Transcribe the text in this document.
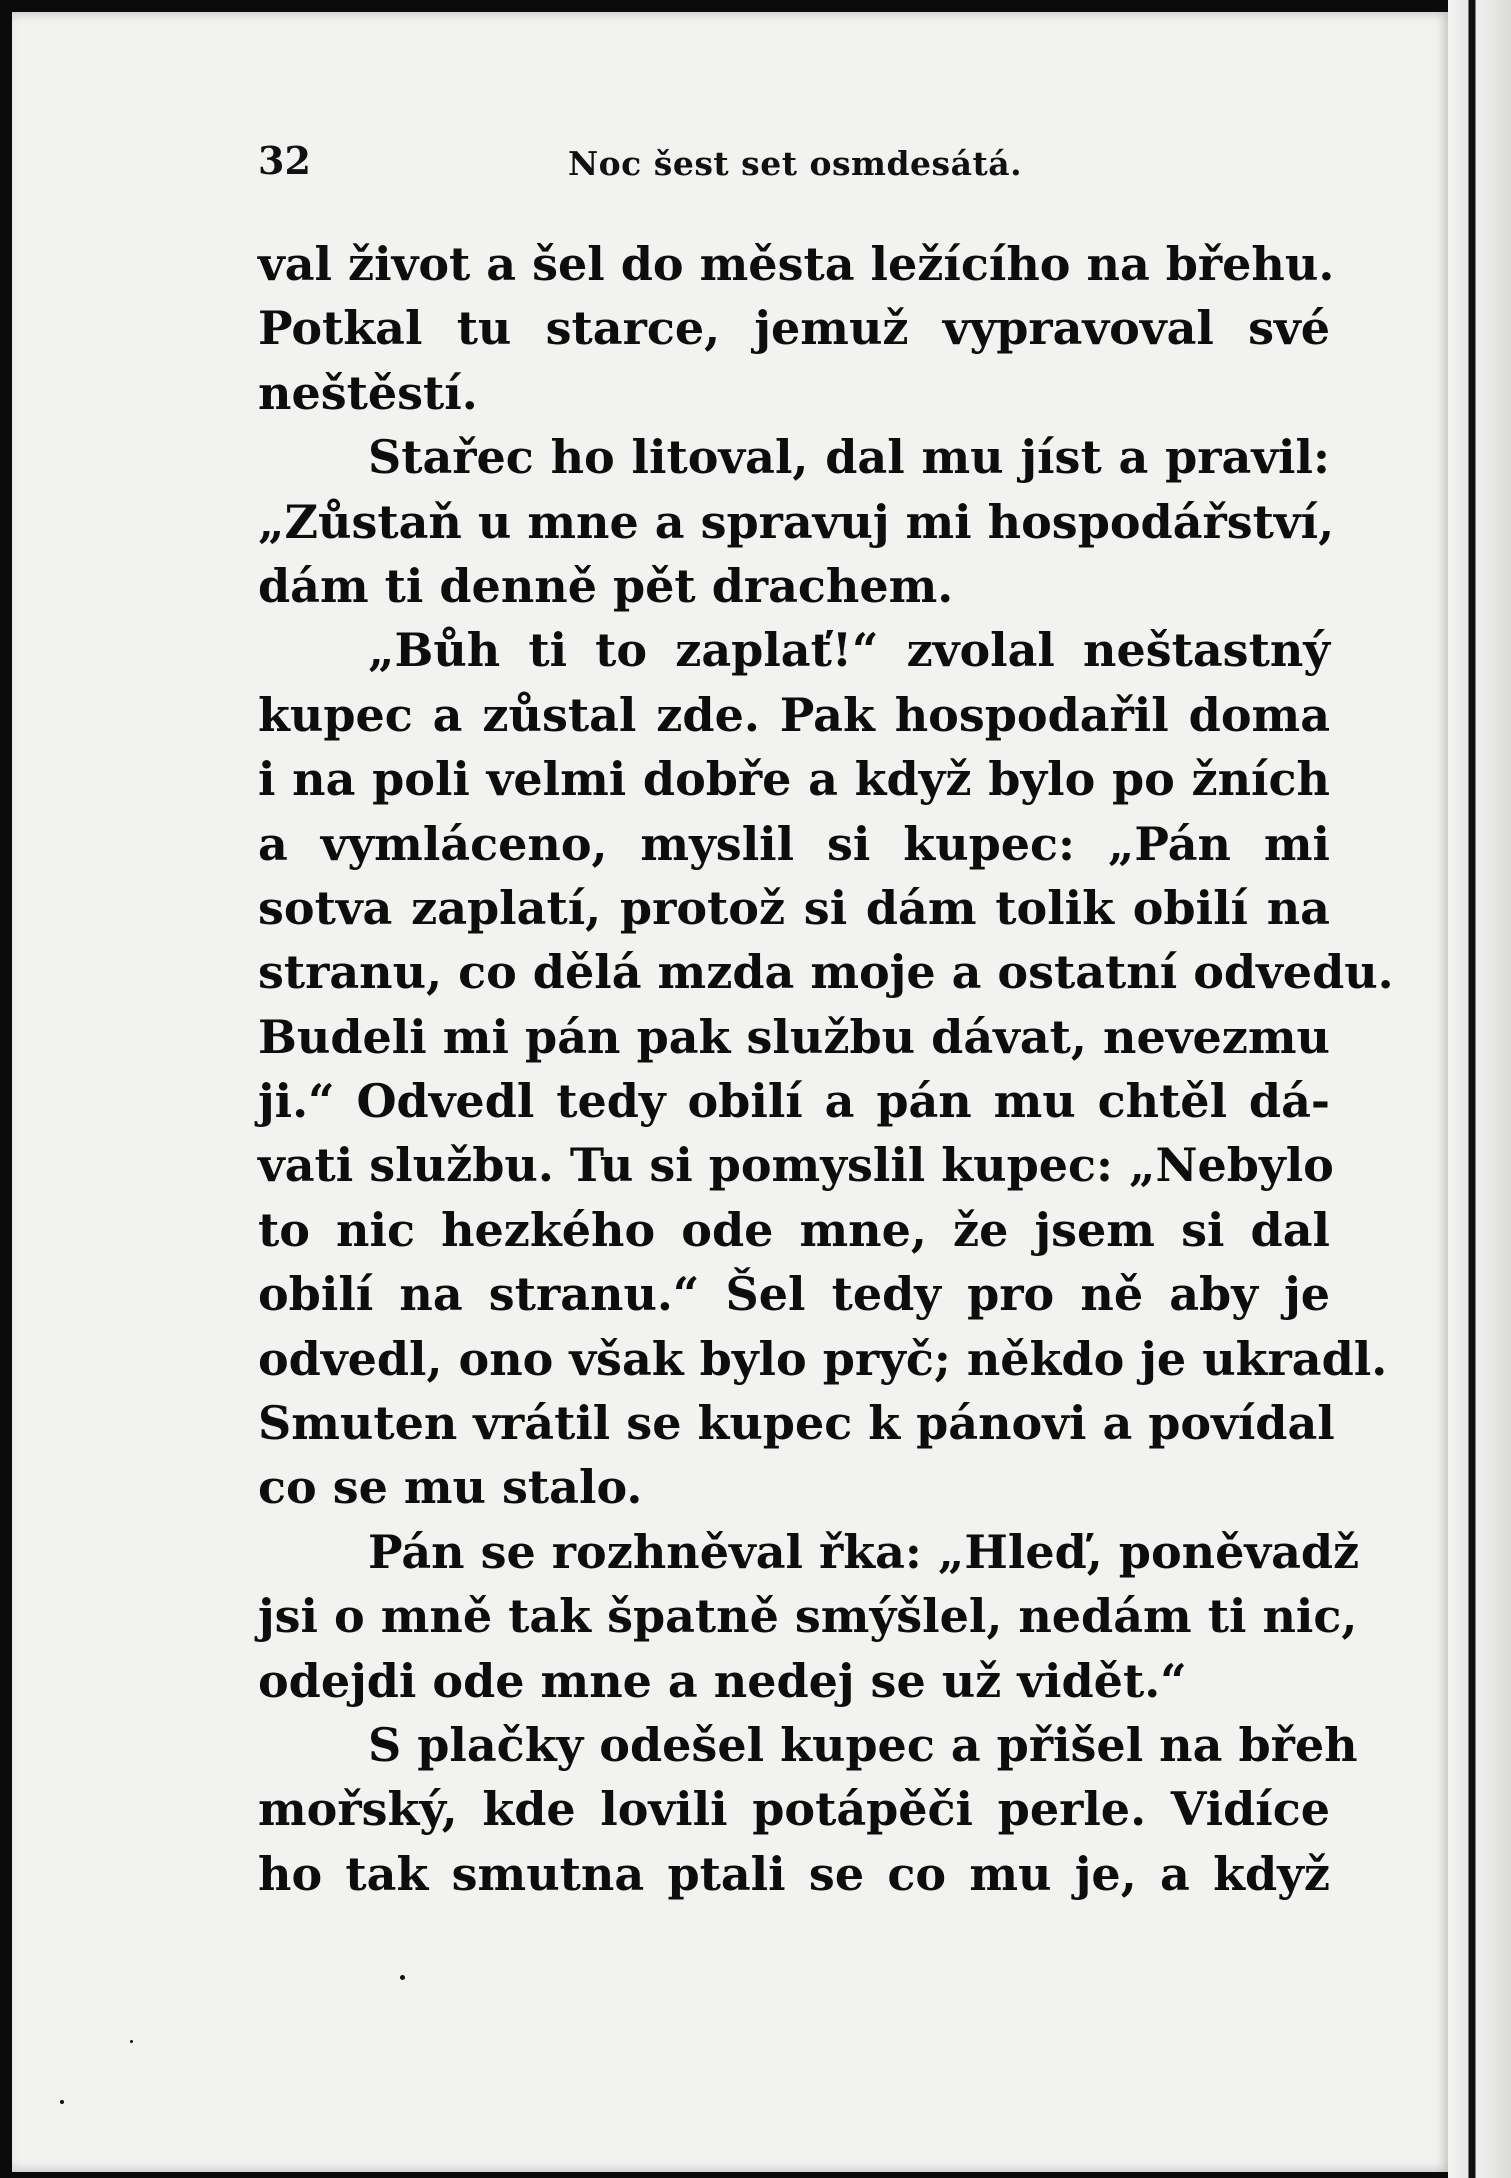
32	Noc šest set osmdesátá.
val život a šel do města ležícího na břehu.
Potkal tu starce, jemuž vypravoval své
neštěstí.
Stařec ho litoval, dal mu jíst a pravil:
„Zůstaň u mne a spravuj mi hospodářství,
dám ti denně pět drachem.
„Bůh ti to zaplať!“ zvolal neštastný
kupec a zůstal zde. Pak hospodařil doma
i na poli velmi dobře a když bylo po žních
a vymláceno, myslil si kupec: „Pán mi
sotva zaplatí, protož si dám tolik obilí na
stranu, co dělá mzda moje a ostatní odvedu.
Budeli mi pán pak službu dávat, nevezmu
ji.“ Odvedl tedy obilí a pán mu chtěl dá-
vati službu. Tu si pomyslil kupec: „Nebylo
to nic hezkého ode mne, že jsem si dal
obilí na stranu.“ Šel tedy pro ně aby je
odvedl, ono však bylo pryč; někdo je ukradl.
Smuten vrátil se kupec k pánovi a povídal
co se mu stalo.
Pán se rozhněval řka: „Hleď, poněvadž
jsi o mně tak špatně smýšlel, nedám ti nic,
odejdi ode mne a nedej se už vidět.“
S plačky odešel kupec a přišel na břeh
mořský, kde lovili potápěči perle. Vidíce
ho tak smutna ptali se co mu je, a když
